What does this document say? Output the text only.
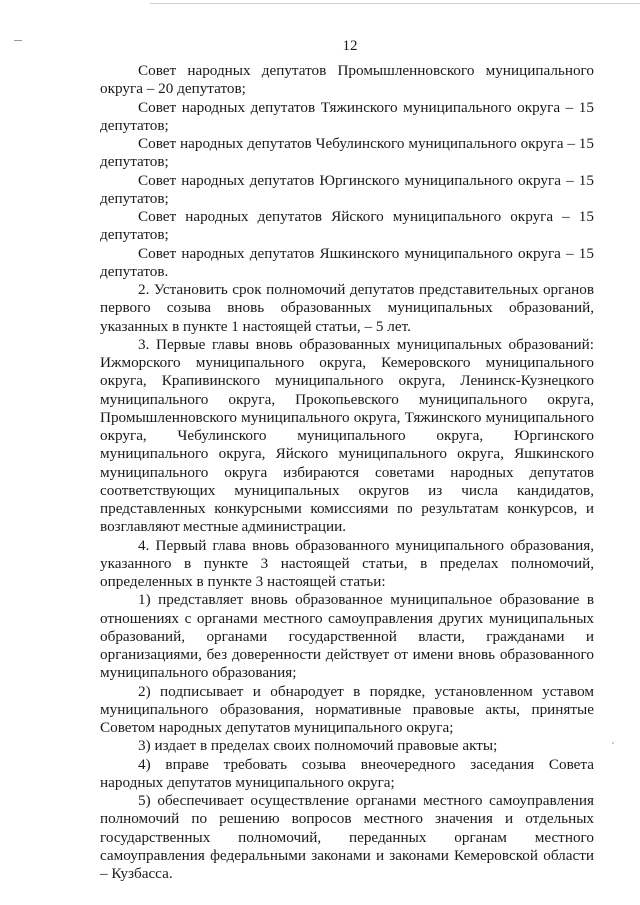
12

Совет народных депутатов Промышленновского муниципального округа – 20 депутатов;

Совет народных депутатов Тяжинского муниципального округа – 15 депутатов;

Совет народных депутатов Чебулинского муниципального округа – 15 депутатов;

Совет народных депутатов Юргинского муниципального округа – 15 депутатов;

Совет народных депутатов Яйского муниципального округа – 15 депутатов;

Совет народных депутатов Яшкинского муниципального округа – 15 депутатов.

2. Установить срок полномочий депутатов представительных органов первого созыва вновь образованных муниципальных образований, указанных в пункте 1 настоящей статьи, – 5 лет.

3. Первые главы вновь образованных муниципальных образований: Ижморского муниципального округа, Кемеровского муниципального округа, Крапивинского муниципального округа, Ленинск-Кузнецкого муниципального округа, Прокопьевского муниципального округа, Промышленновского муниципального округа, Тяжинского муниципального округа, Чебулинского муниципального округа, Юргинского муниципального округа, Яйского муниципального округа, Яшкинского муниципального округа избираются советами народных депутатов соответствующих муниципальных округов из числа кандидатов, представленных конкурсными комиссиями по результатам конкурсов, и возглавляют местные администрации.

4. Первый глава вновь образованного муниципального образования, указанного в пункте 3 настоящей статьи, в пределах полномочий, определенных в пункте 3 настоящей статьи:

1) представляет вновь образованное муниципальное образование в отношениях с органами местного самоуправления других муниципальных образований, органами государственной власти, гражданами и организациями, без доверенности действует от имени вновь образованного муниципального образования;

2) подписывает и обнародует в порядке, установленном уставом муниципального образования, нормативные правовые акты, принятые Советом народных депутатов муниципального округа;

3) издает в пределах своих полномочий правовые акты;

4) вправе требовать созыва внеочередного заседания Совета народных депутатов муниципального округа;

5) обеспечивает осуществление органами местного самоуправления полномочий по решению вопросов местного значения и отдельных государственных полномочий, переданных органам местного самоуправления федеральными законами и законами Кемеровской области – Кузбасса.
